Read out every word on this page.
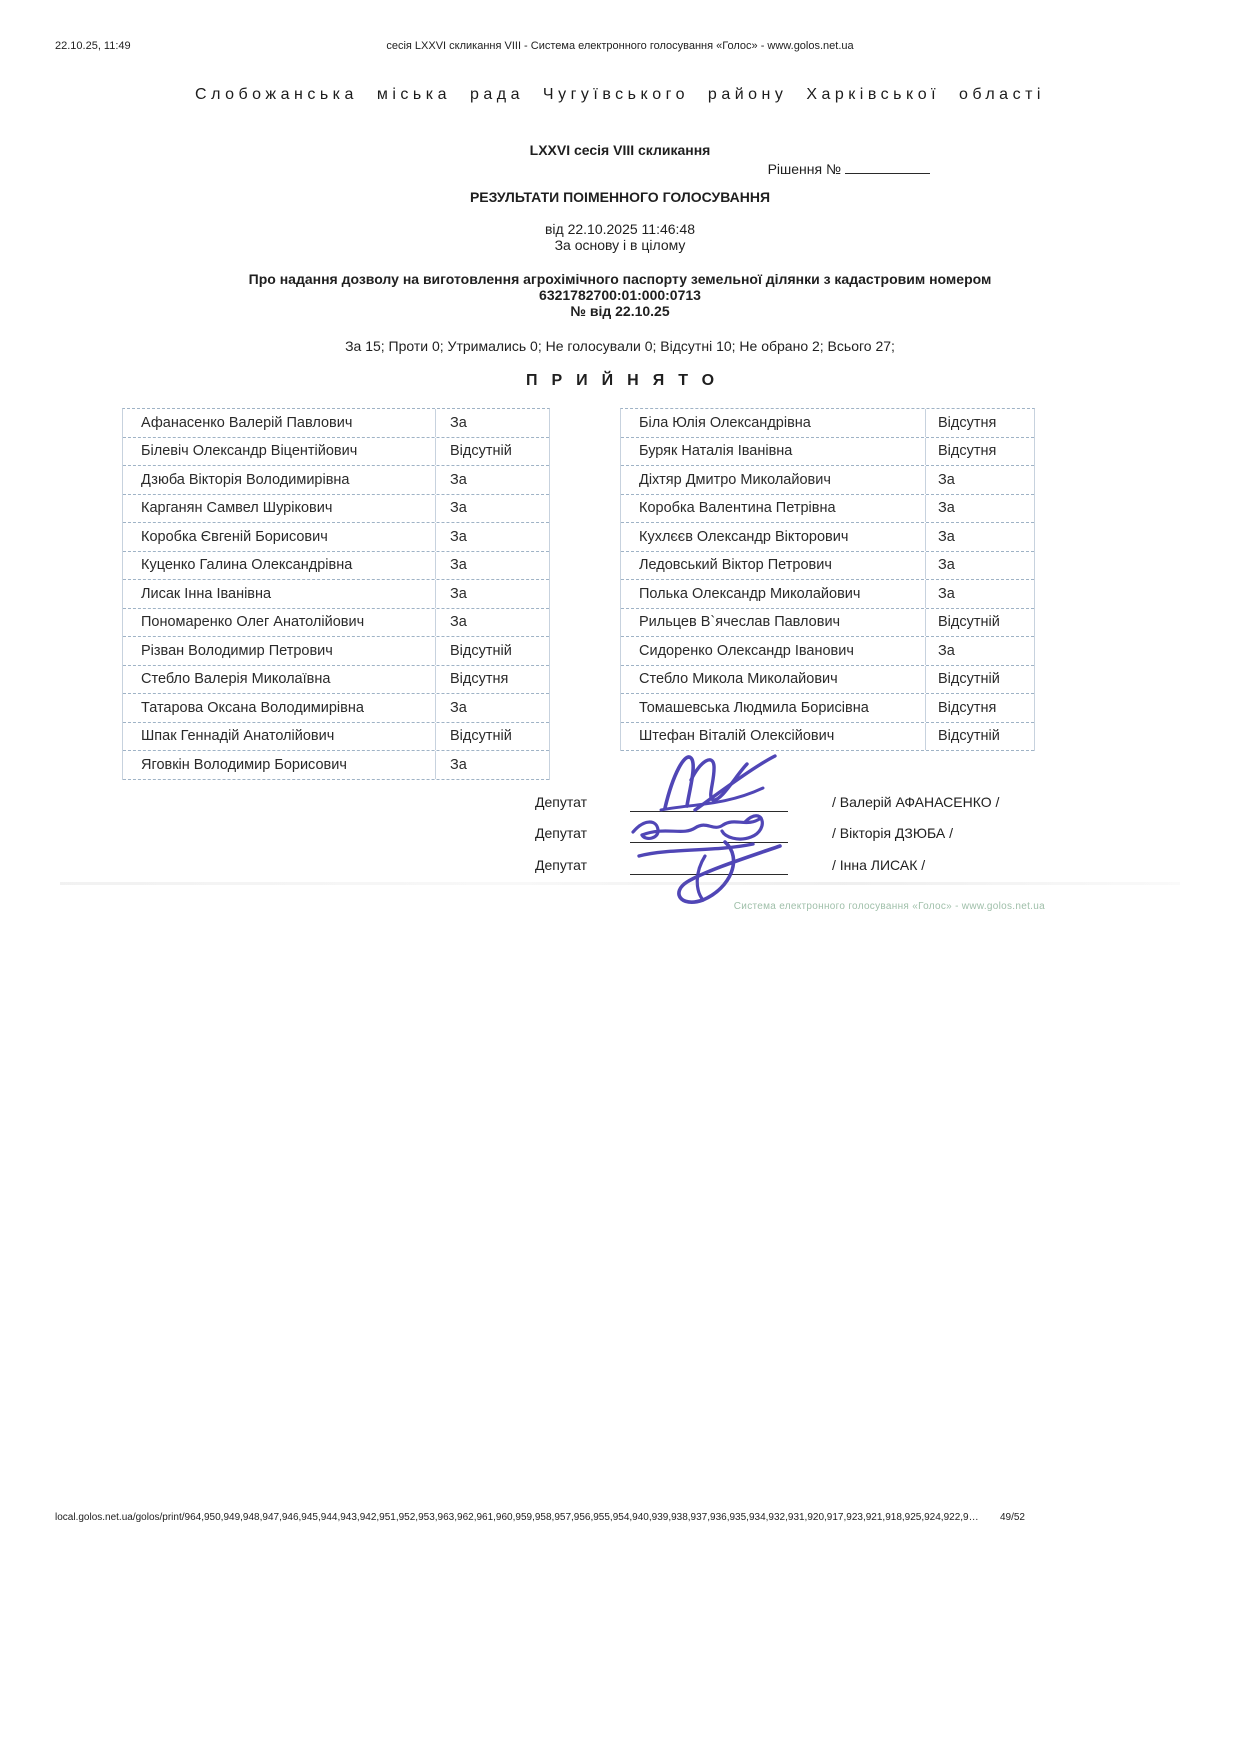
22.10.25, 11:49	сесія LXXVI скликання VIII - Система електронного голосування «Голос» - www.golos.net.ua
Слобожанська міська рада Чугуївського району Харківської області
LXXVI сесія VIII скликання
Рішення №
РЕЗУЛЬТАТИ ПОІМЕННОГО ГОЛОСУВАННЯ
від 22.10.2025 11:46:48
За основу і в цілому
Про надання дозволу на виготовлення агрохімічного паспорту земельної ділянки з кадастровим номером
6321782700:01:000:0713
№ від 22.10.25
За 15; Проти 0; Утримались 0; Не голосували 0; Відсутні 10; Не обрано 2; Всього 27;
ПРИЙНЯТО
Афанасенко Валерій Павлович	За
Білевіч Олександр Віцентійович	Відсутній
Дзюба Вікторія Володимирівна	За
Карганян Самвел Шурікович	За
Коробка Євгеній Борисович	За
Куценко Галина Олександрівна	За
Лисак Інна Іванівна	За
Пономаренко Олег Анатолійович	За
Різван Володимир Петрович	Відсутній
Стебло Валерія Миколаївна	Відсутня
Татарова Оксана Володимирівна	За
Шпак Геннадій Анатолійович	Відсутній
Яговкін Володимир Борисович	За
Біла Юлія Олександрівна	Відсутня
Буряк Наталія Іванівна	Відсутня
Діхтяр Дмитро Миколайович	За
Коробка Валентина Петрівна	За
Кухлєєв Олександр Вікторович	За
Ледовський Віктор Петрович	За
Полька Олександр Миколайович	За
Рильцев В`ячеслав Павлович	Відсутній
Сидоренко Олександр Іванович	За
Стебло Микола Миколайович	Відсутній
Томашевська Людмила Борисівна	Відсутня
Штефан Віталій Олексійович	Відсутній
Депутат	/ Валерій АФАНАСЕНКО /
Депутат	/ Вікторія ДЗЮБА /
Депутат	/ Інна ЛИСАК /
Система електронного голосування «Голос» - www.golos.net.ua
local.golos.net.ua/golos/print/964,950,949,948,947,946,945,944,943,942,951,952,953,963,962,961,960,959,958,957,956,955,954,940,939,938,937,936,935,934,932,931,920,917,923,921,918,925,924,922,9… 49/52
